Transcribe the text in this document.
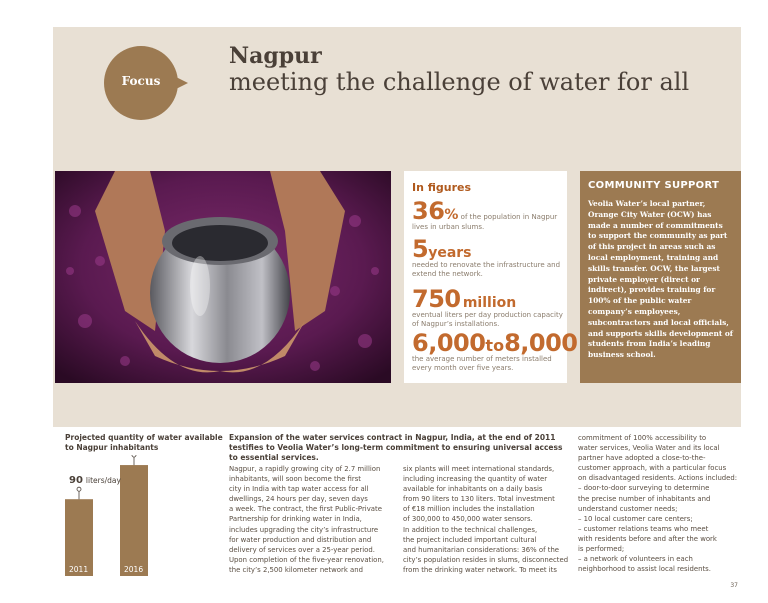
Focus
Nagpur
meeting the challenge of water for all
In figures
36% of the population in Nagpur lives in urban slums.
5years
needed to renovate the infrastructure and extend the network.
750 million
eventual liters per day production capacity of Nagpur’s installations.
6,000to8,000
the average number of meters installed every month over five years.
COMMUNITY SUPPORT
Veolia Water’s local partner, Orange City Water (OCW) has made a number of commitments to support the community as part of this project in areas such as local employment, training and skills transfer. OCW, the largest private employer (direct or indirect), provides training for 100% of the public water company’s employees, subcontractors and local officials, and supports skills development of students from India’s leading business school.
Projected quantity of water available to Nagpur inhabitants
90 liters/day
2011	2016
Expansion of the water services contract in Nagpur, India, at the end of 2011 testifies to Veolia Water’s long-term commitment to ensuring universal access to essential services.
Nagpur, a rapidly growing city of 2.7 million
inhabitants, will soon become the first
city in India with tap water access for all
dwellings, 24 hours per day, seven days
a week. The contract, the first Public-Private
Partnership for drinking water in India,
includes upgrading the city’s infrastructure
for water production and distribution and
delivery of services over a 25-year period.
Upon completion of the five-year renovation,
the city’s 2,500 kilometer network and
six plants will meet international standards,
including increasing the quantity of water
available for inhabitants on a daily basis
from 90 liters to 130 liters. Total investment
of €18 million includes the installation
of 300,000 to 450,000 water sensors.
In addition to the technical challenges,
the project included important cultural
and humanitarian considerations: 36% of the
city’s population resides in slums, disconnected
from the drinking water network. To meet its
commitment of 100% accessibility to
water services, Veolia Water and its local
partner have adopted a close-to-the-
customer approach, with a particular focus
on disadvantaged residents. Actions included:
– door-to-door surveying to determine
the precise number of inhabitants and
understand customer needs;
– 10 local customer care centers;
– customer relations teams who meet
with residents before and after the work
is performed;
– a network of volunteers in each
neighborhood to assist local residents.
37
